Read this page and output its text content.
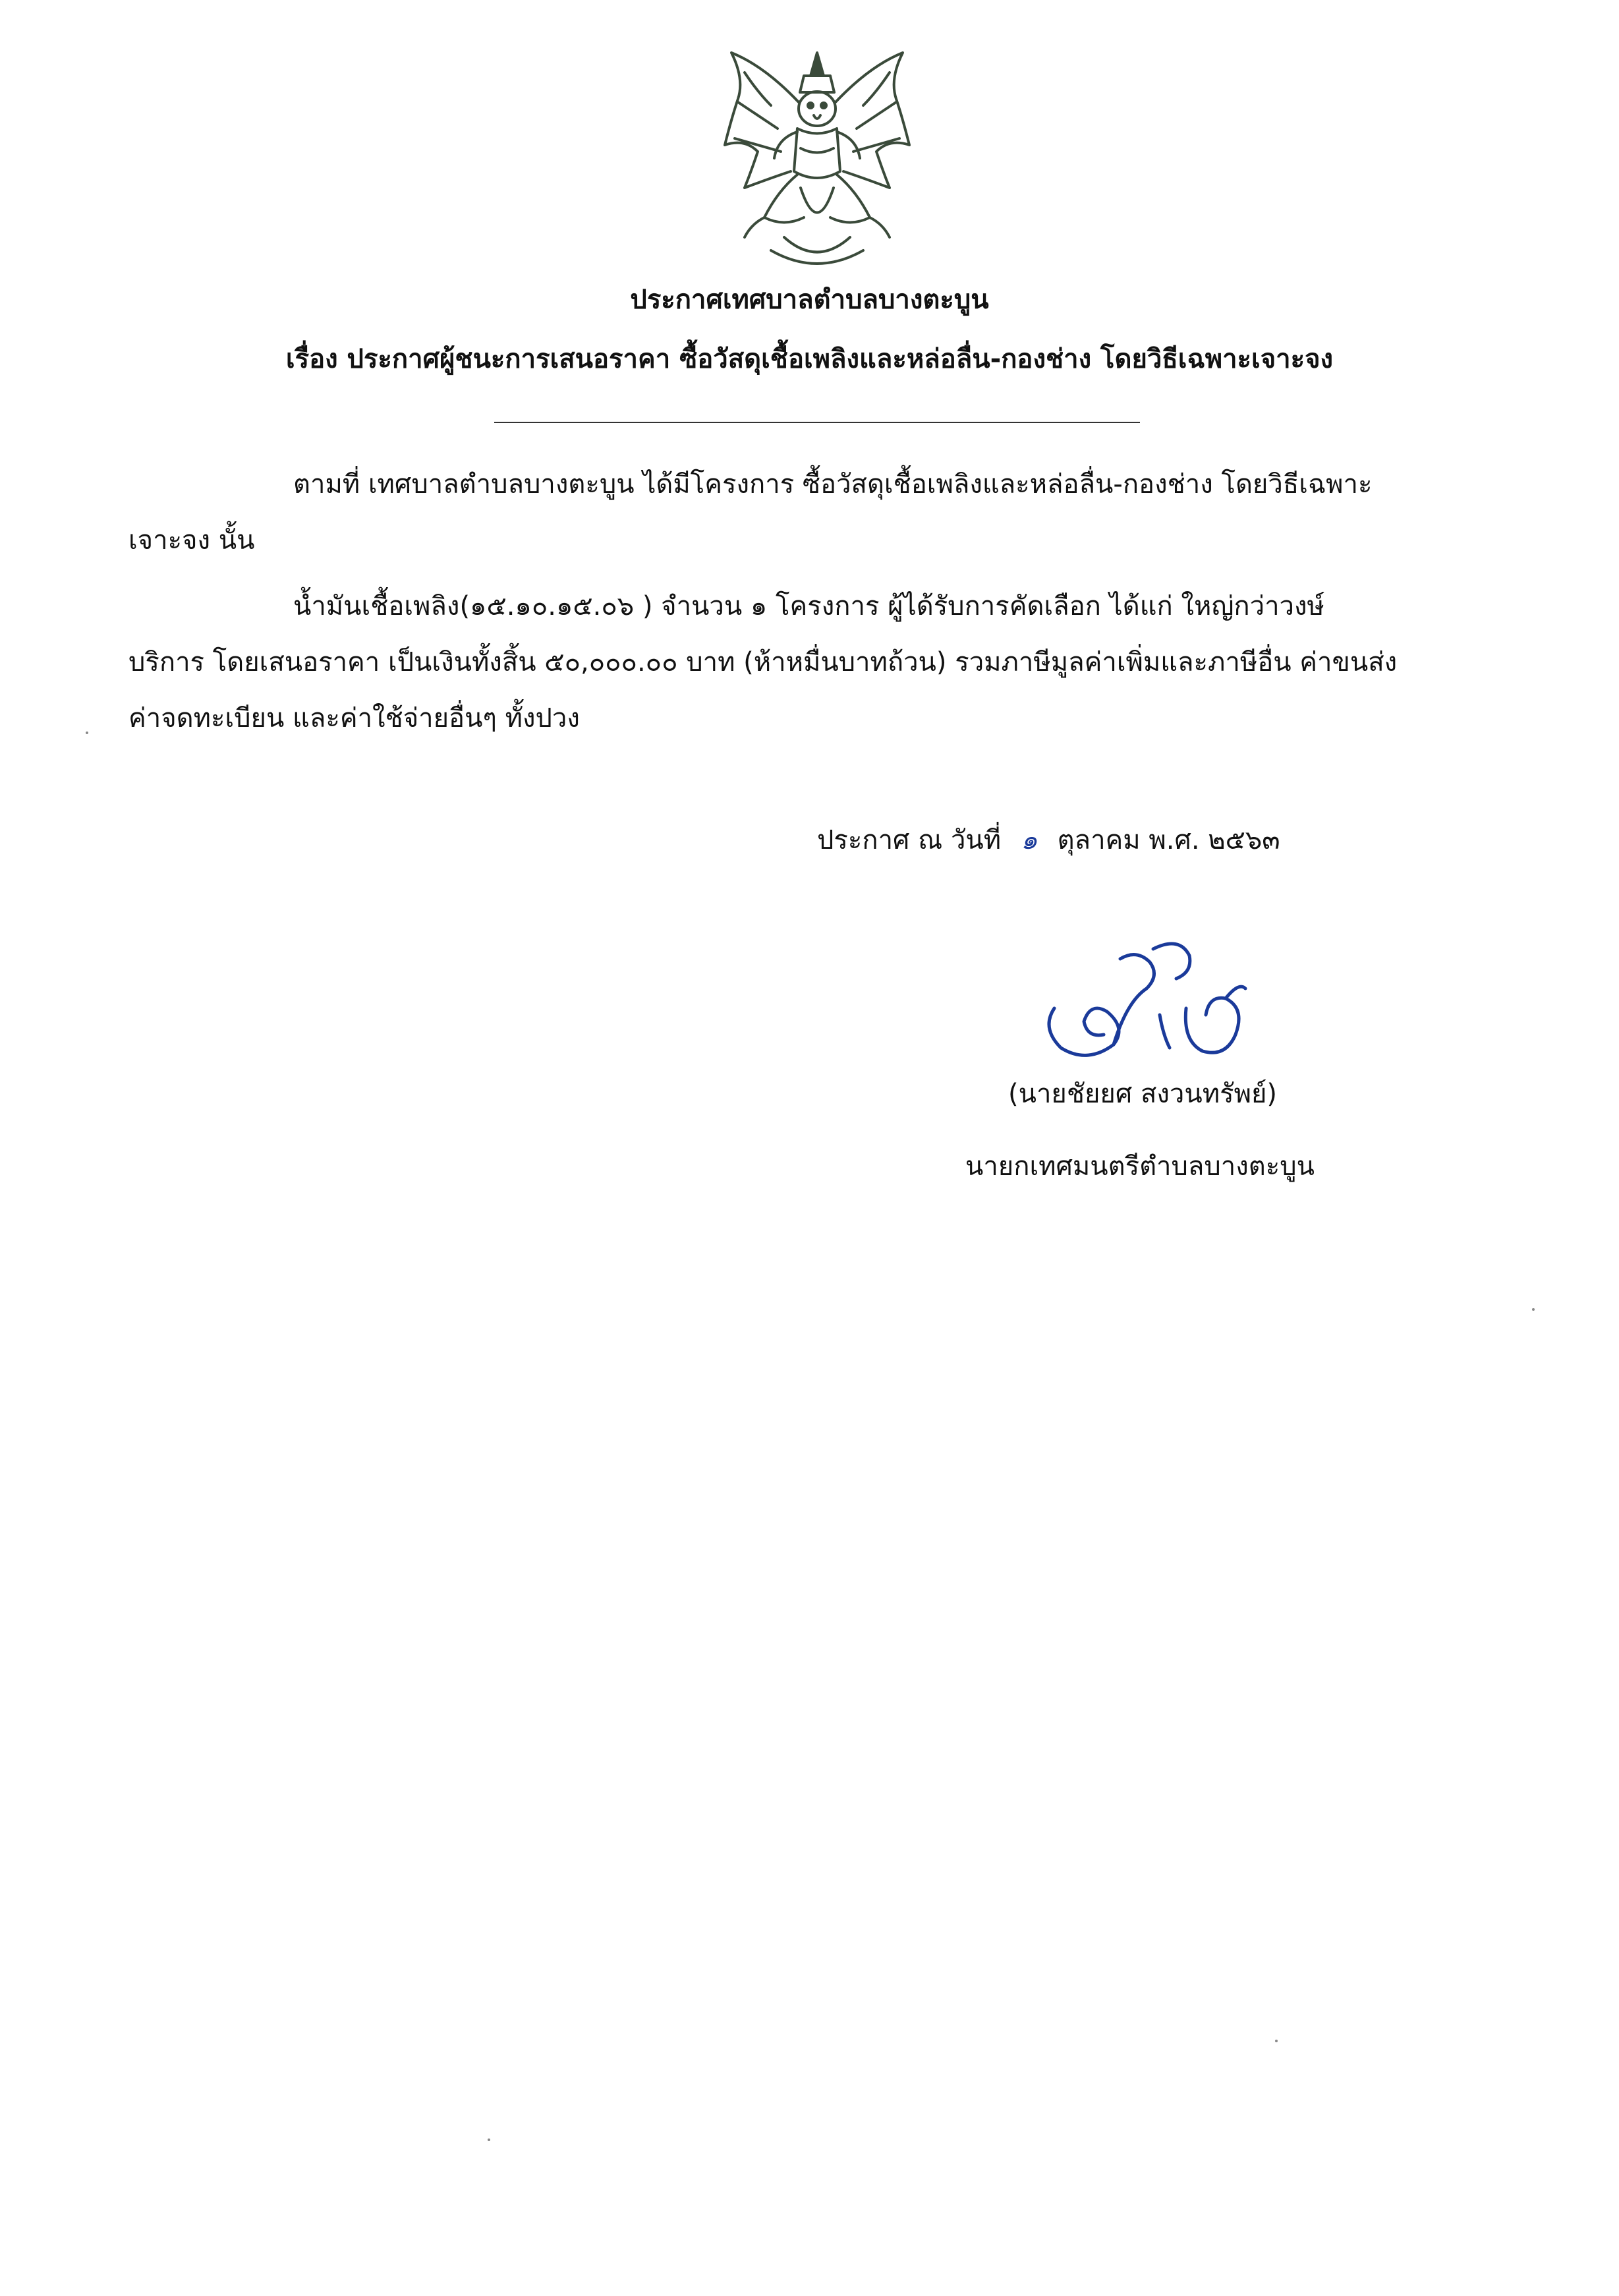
ประกาศเทศบาลตำบลบางตะบูน
เรื่อง ประกาศผู้ชนะการเสนอราคา ซื้อวัสดุเชื้อเพลิงและหล่อลื่น-กองช่าง โดยวิธีเฉพาะเจาะจง
ตามที่ เทศบาลตำบลบางตะบูน ได้มีโครงการ ซื้อวัสดุเชื้อเพลิงและหล่อลื่น-กองช่าง โดยวิธีเฉพาะ
เจาะจง นั้น
น้ำมันเชื้อเพลิง(๑๕.๑๐.๑๕.๐๖ ) จำนวน ๑ โครงการ ผู้ได้รับการคัดเลือก ได้แก่ ใหญ่กว่าวงษ์
บริการ โดยเสนอราคา เป็นเงินทั้งสิ้น ๕๐,๐๐๐.๐๐ บาท (ห้าหมื่นบาทถ้วน) รวมภาษีมูลค่าเพิ่มและภาษีอื่น ค่าขนส่ง
ค่าจดทะเบียน และค่าใช้จ่ายอื่นๆ ทั้งปวง
ประกาศ ณ วันที่ ๑ ตุลาคม พ.ศ. ๒๕๖๓
(นายชัยยศ สงวนทรัพย์)
นายกเทศมนตรีตำบลบางตะบูน
